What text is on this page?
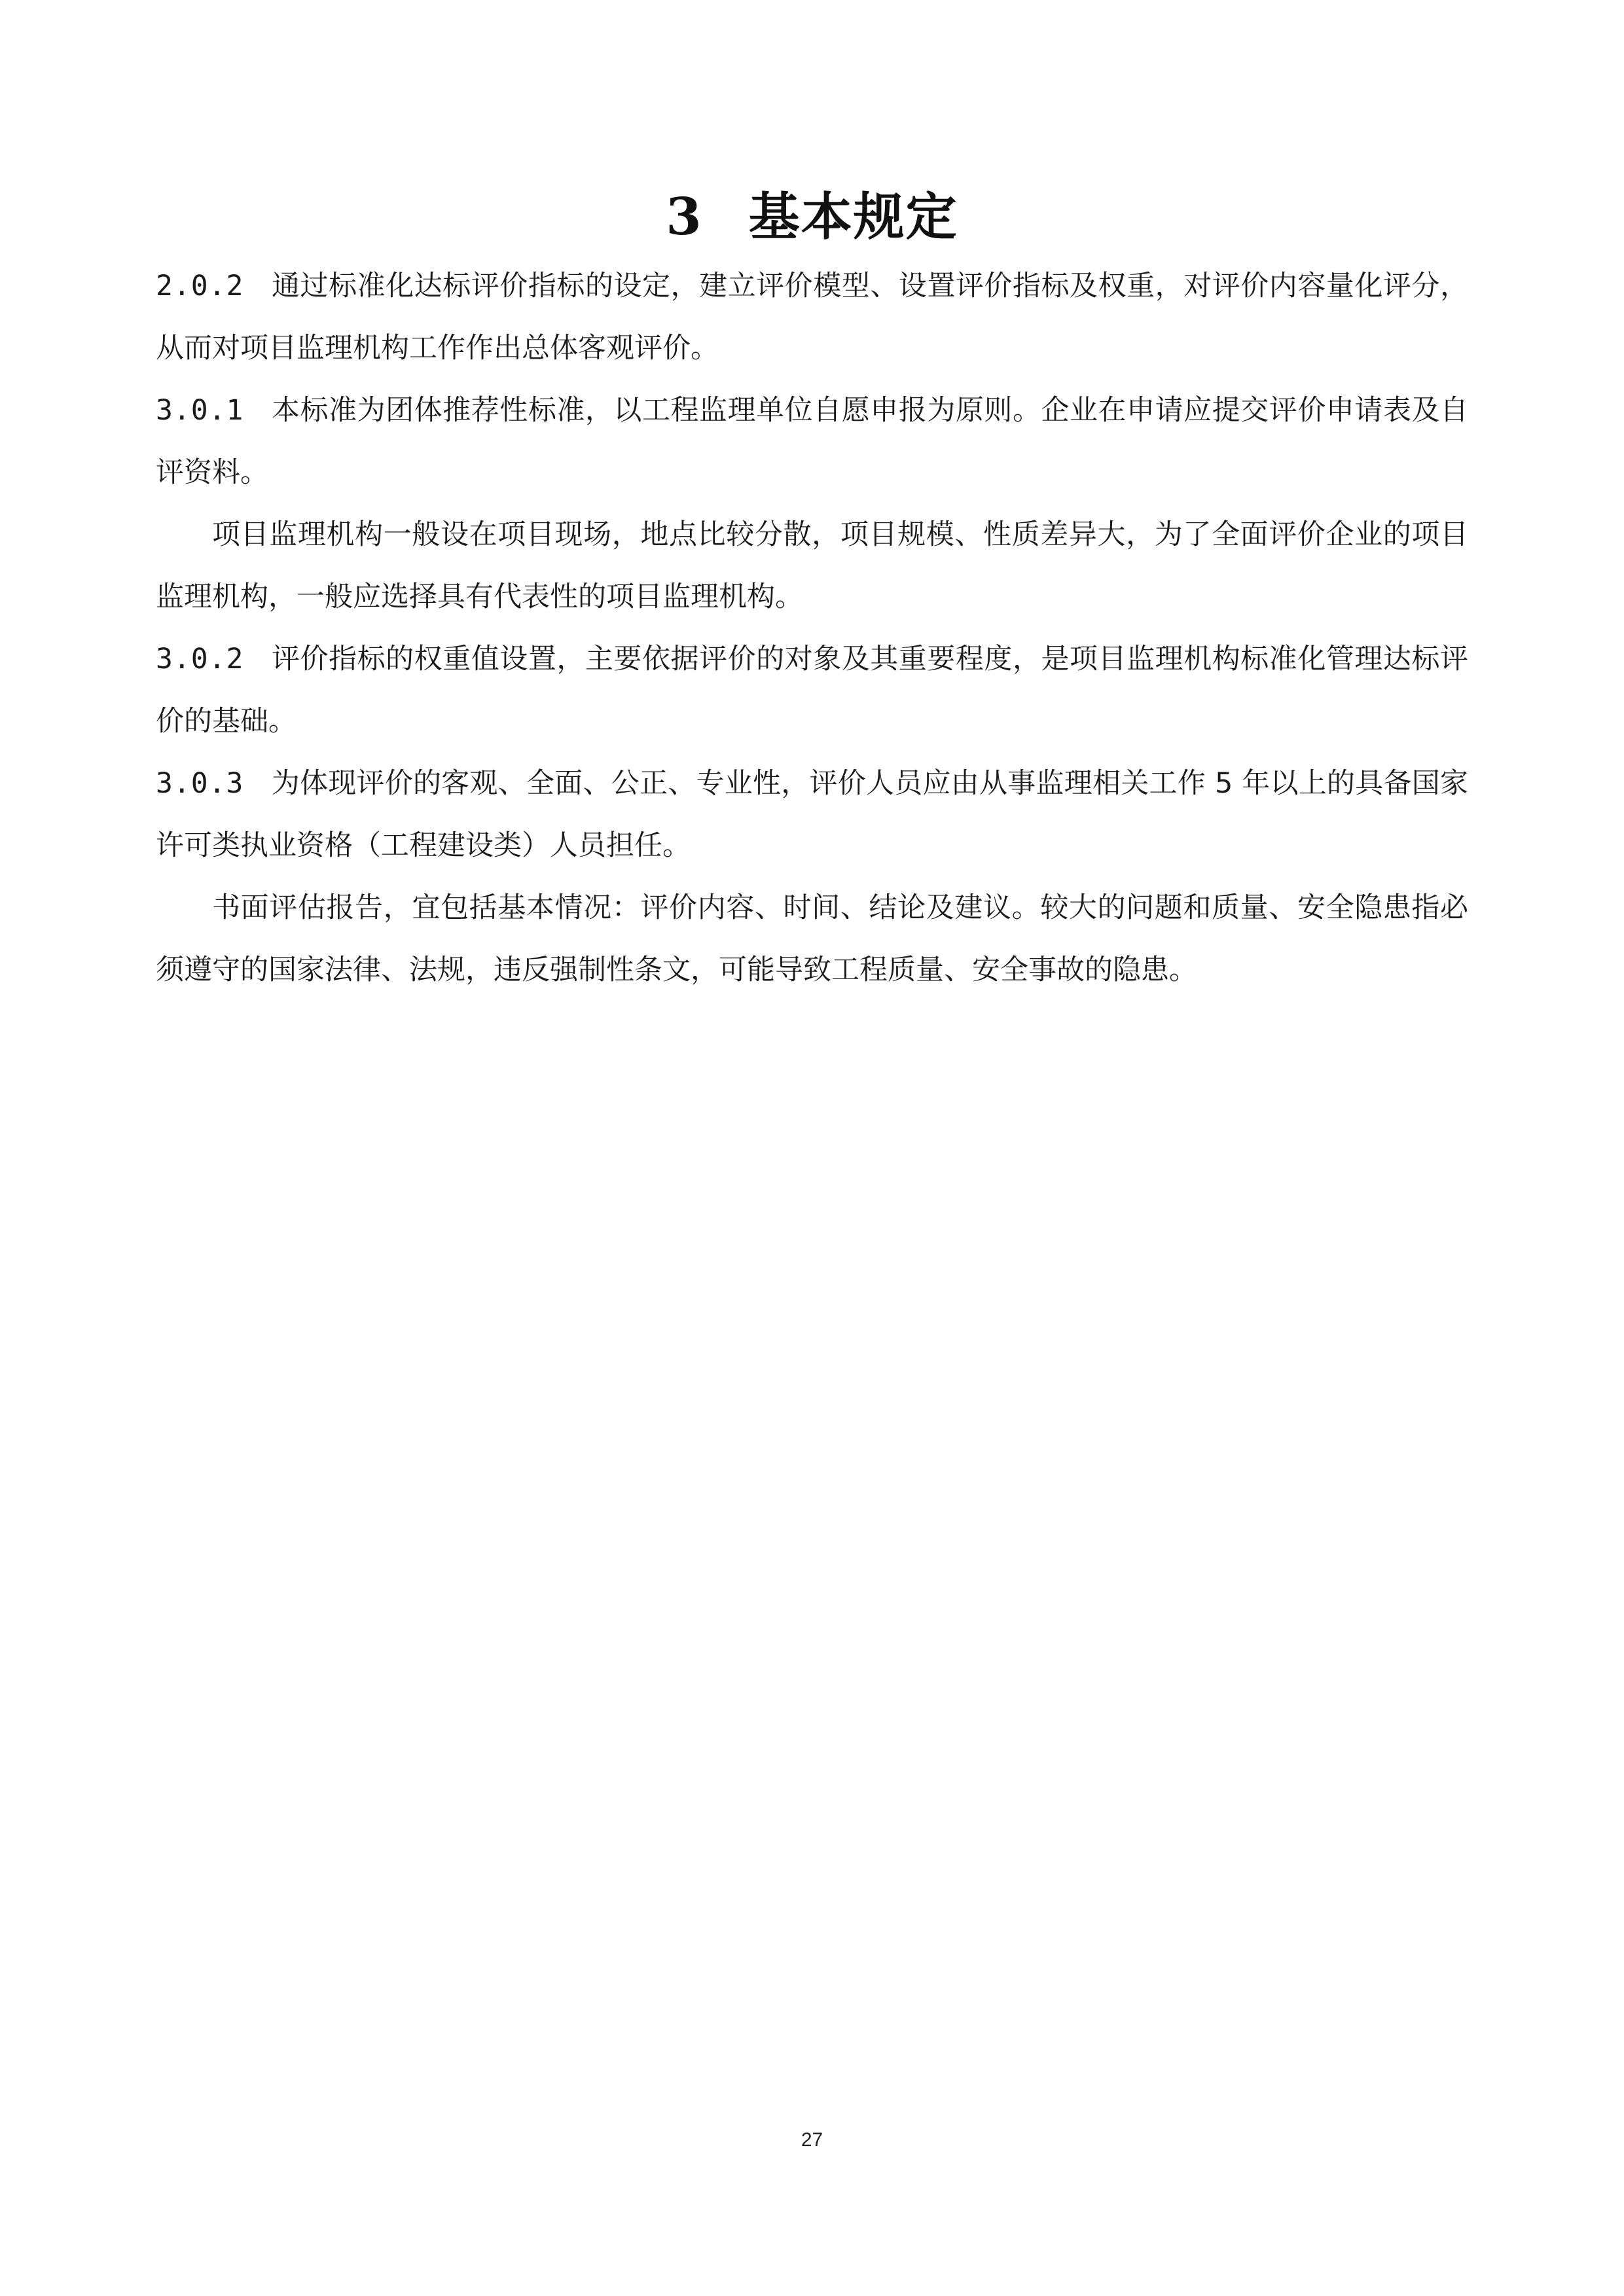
3 基本规定

2.0.2 通过标准化达标评价指标的设定，建立评价模型、设置评价指标及权重，对评价内容量化评分，从而对项目监理机构工作作出总体客观评价。

3.0.1 本标准为团体推荐性标准，以工程监理单位自愿申报为原则。企业在申请应提交评价申请表及自评资料。

项目监理机构一般设在项目现场，地点比较分散，项目规模、性质差异大，为了全面评价企业的项目监理机构，一般应选择具有代表性的项目监理机构。

3.0.2 评价指标的权重值设置，主要依据评价的对象及其重要程度，是项目监理机构标准化管理达标评价的基础。

3.0.3 为体现评价的客观、全面、公正、专业性，评价人员应由从事监理相关工作 5 年以上的具备国家许可类执业资格（工程建设类）人员担任。

书面评估报告，宜包括基本情况：评价内容、时间、结论及建议。较大的问题和质量、安全隐患指必须遵守的国家法律、法规，违反强制性条文，可能导致工程质量、安全事故的隐患。

27
